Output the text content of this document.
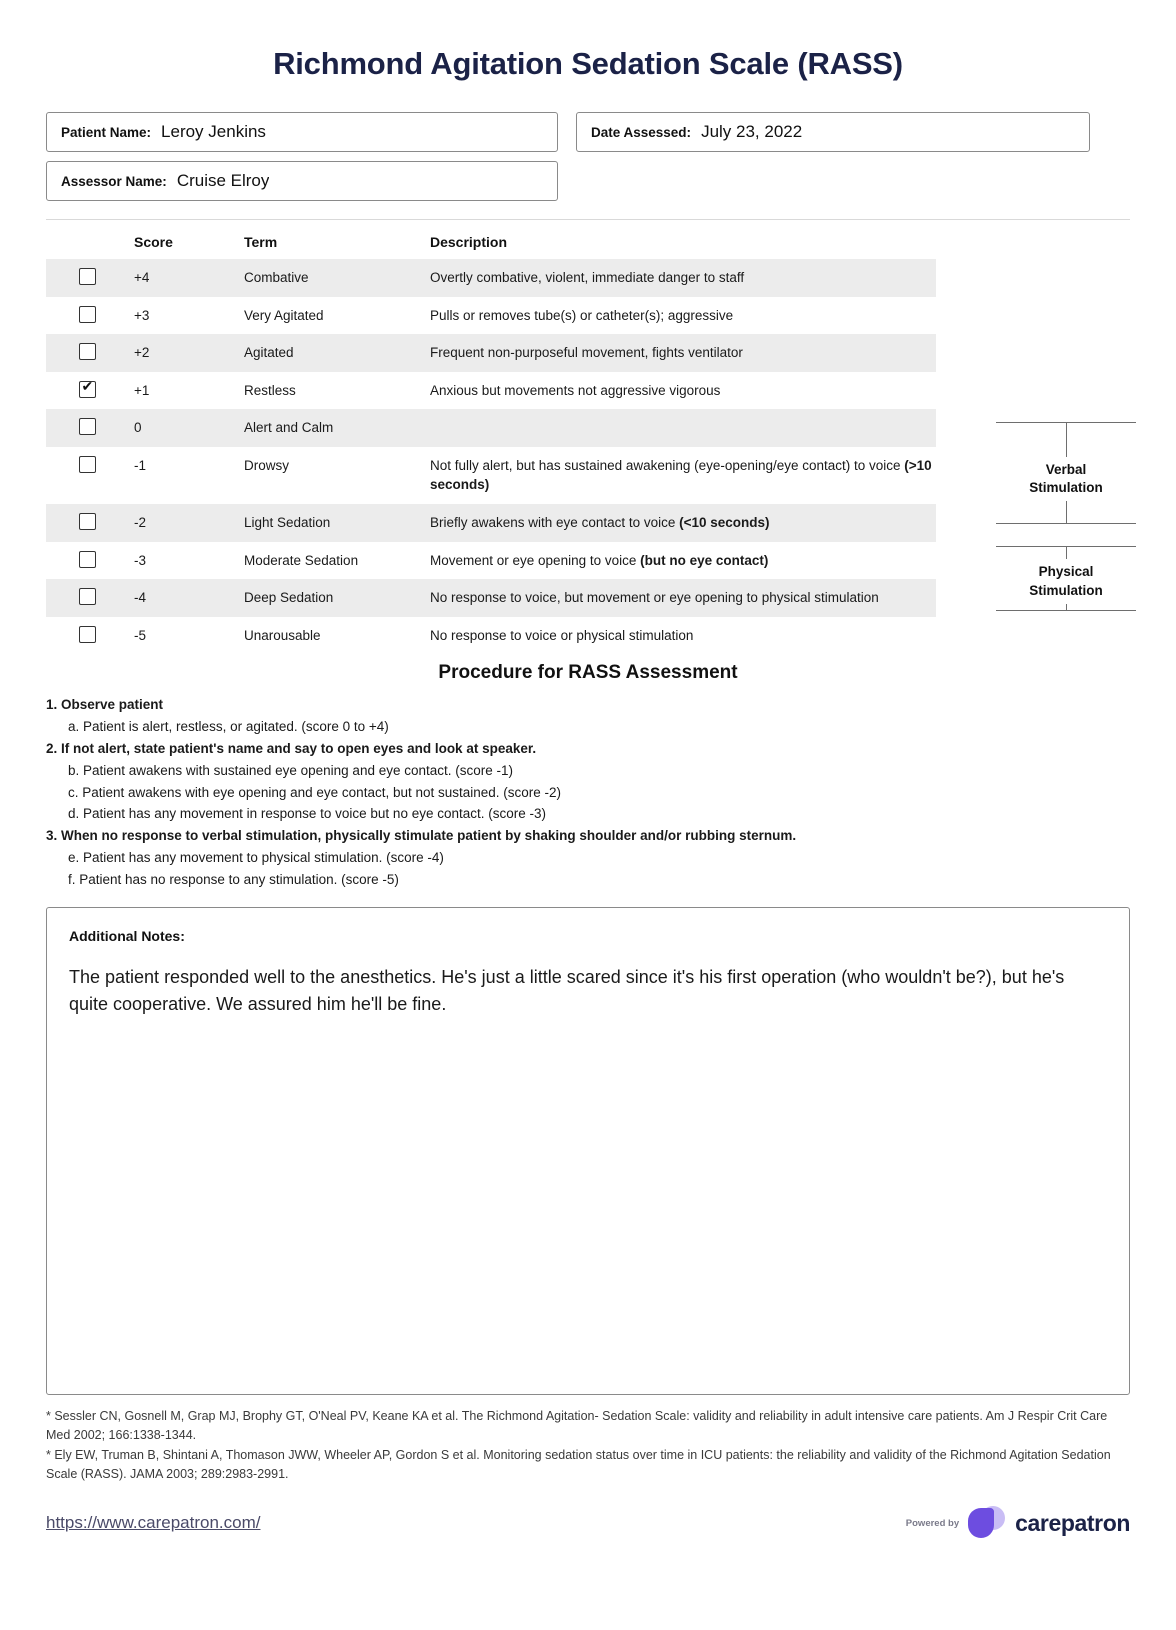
Richmond Agitation Sedation Scale (RASS)
Patient Name: Leroy Jenkins
Assessor Name: Cruise Elroy
Date Assessed: July 23, 2022
	Score	Term	Description
	+4	Combative	Overtly combative, violent, immediate danger to staff
	+3	Very Agitated	Pulls or removes tube(s) or catheter(s); aggressive
	+2	Agitated	Frequent non-purposeful movement, fights ventilator
✔	+1	Restless	Anxious but movements not aggressive vigorous
	0	Alert and Calm	
	-1	Drowsy	Not fully alert, but has sustained awakening (eye-opening/eye contact) to voice (>10 seconds)
	-2	Light Sedation	Briefly awakens with eye contact to voice (<10 seconds)
	-3	Moderate Sedation	Movement or eye opening to voice (but no eye contact)
	-4	Deep Sedation	No response to voice, but movement or eye opening to physical stimulation
	-5	Unarousable	No response to voice or physical stimulation
Verbal
Stimulation
Physical
Stimulation
Procedure for RASS Assessment
1. Observe patient
a. Patient is alert, restless, or agitated. (score 0 to +4)
2. If not alert, state patient's name and say to open eyes and look at speaker.
b. Patient awakens with sustained eye opening and eye contact. (score -1)
c. Patient awakens with eye opening and eye contact, but not sustained. (score -2)
d. Patient has any movement in response to voice but no eye contact. (score -3)
3. When no response to verbal stimulation, physically stimulate patient by shaking shoulder and/or rubbing sternum.
e. Patient has any movement to physical stimulation. (score -4)
f. Patient has no response to any stimulation. (score -5)
Additional Notes:
The patient responded well to the anesthetics. He's just a little scared since it's his first operation (who wouldn't be?), but he's quite cooperative. We assured him he'll be fine.
* Sessler CN, Gosnell M, Grap MJ, Brophy GT, O'Neal PV, Keane KA et al. The Richmond Agitation- Sedation Scale: validity and reliability in adult intensive care patients. Am J Respir Crit Care Med 2002; 166:1338-1344.
* Ely EW, Truman B, Shintani A, Thomason JWW, Wheeler AP, Gordon S et al. Monitoring sedation status over time in ICU patients: the reliability and validity of the Richmond Agitation Sedation Scale (RASS). JAMA 2003; 289:2983-2991.
https://www.carepatron.com/	Powered by carepatron
